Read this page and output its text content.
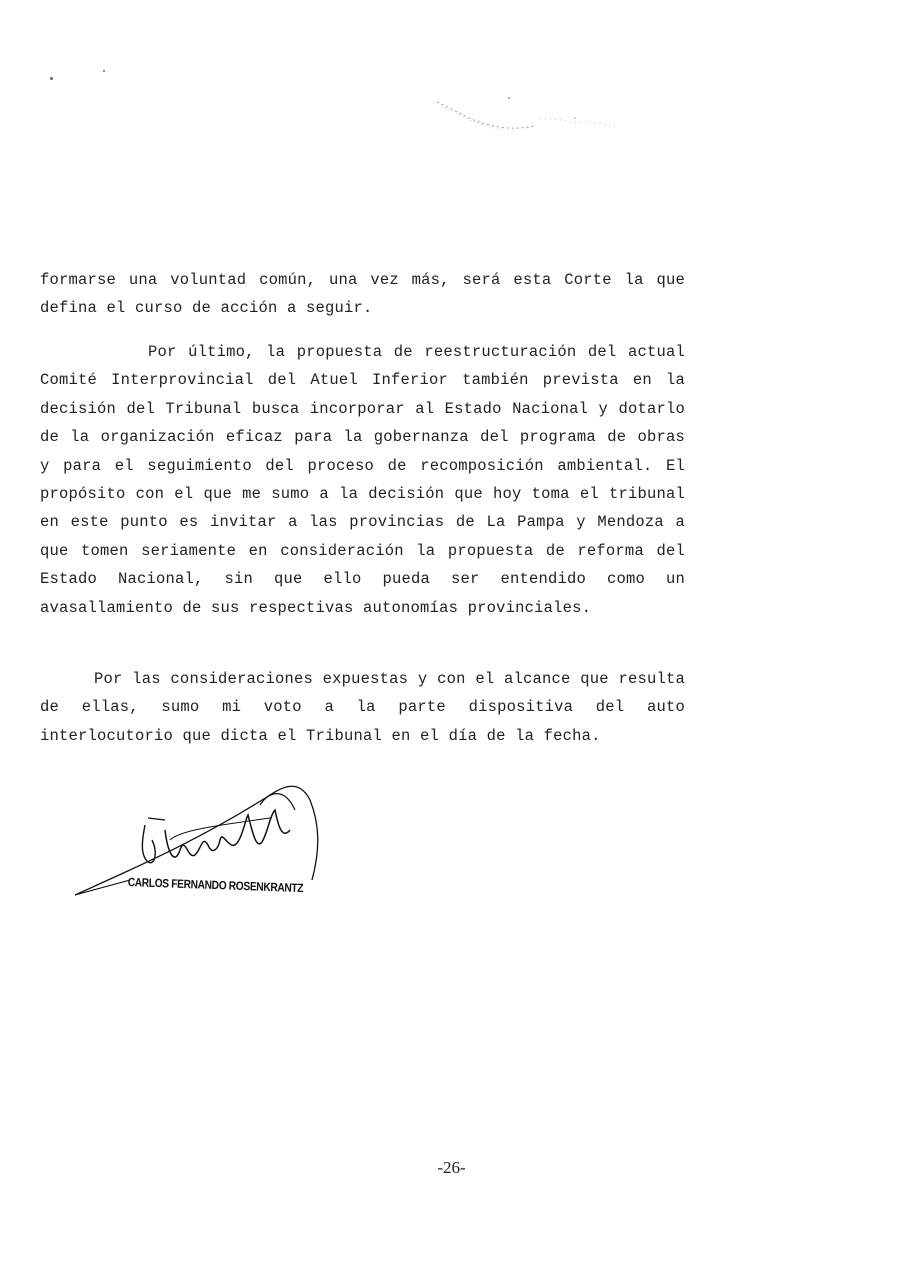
formarse una voluntad común, una vez más, será esta Corte la que defina el curso de acción a seguir.

Por último, la propuesta de reestructuración del actual Comité Interprovincial del Atuel Inferior también prevista en la decisión del Tribunal busca incorporar al Estado Nacional y dotarlo de la organización eficaz para la gobernanza del programa de obras y para el seguimiento del proceso de recomposición ambiental. El propósito con el que me sumo a la decisión que hoy toma el tribunal en este punto es invitar a las provincias de La Pampa y Mendoza a que tomen seriamente en consideración la propuesta de reforma del Estado Nacional, sin que ello pueda ser entendido como un avasallamiento de sus respectivas autonomías provinciales.

Por las consideraciones expuestas y con el alcance que resulta de ellas, sumo mi voto a la parte dispositiva del auto interlocutorio que dicta el Tribunal en el día de la fecha.

CARLOS FERNANDO ROSENKRANTZ
-26-
